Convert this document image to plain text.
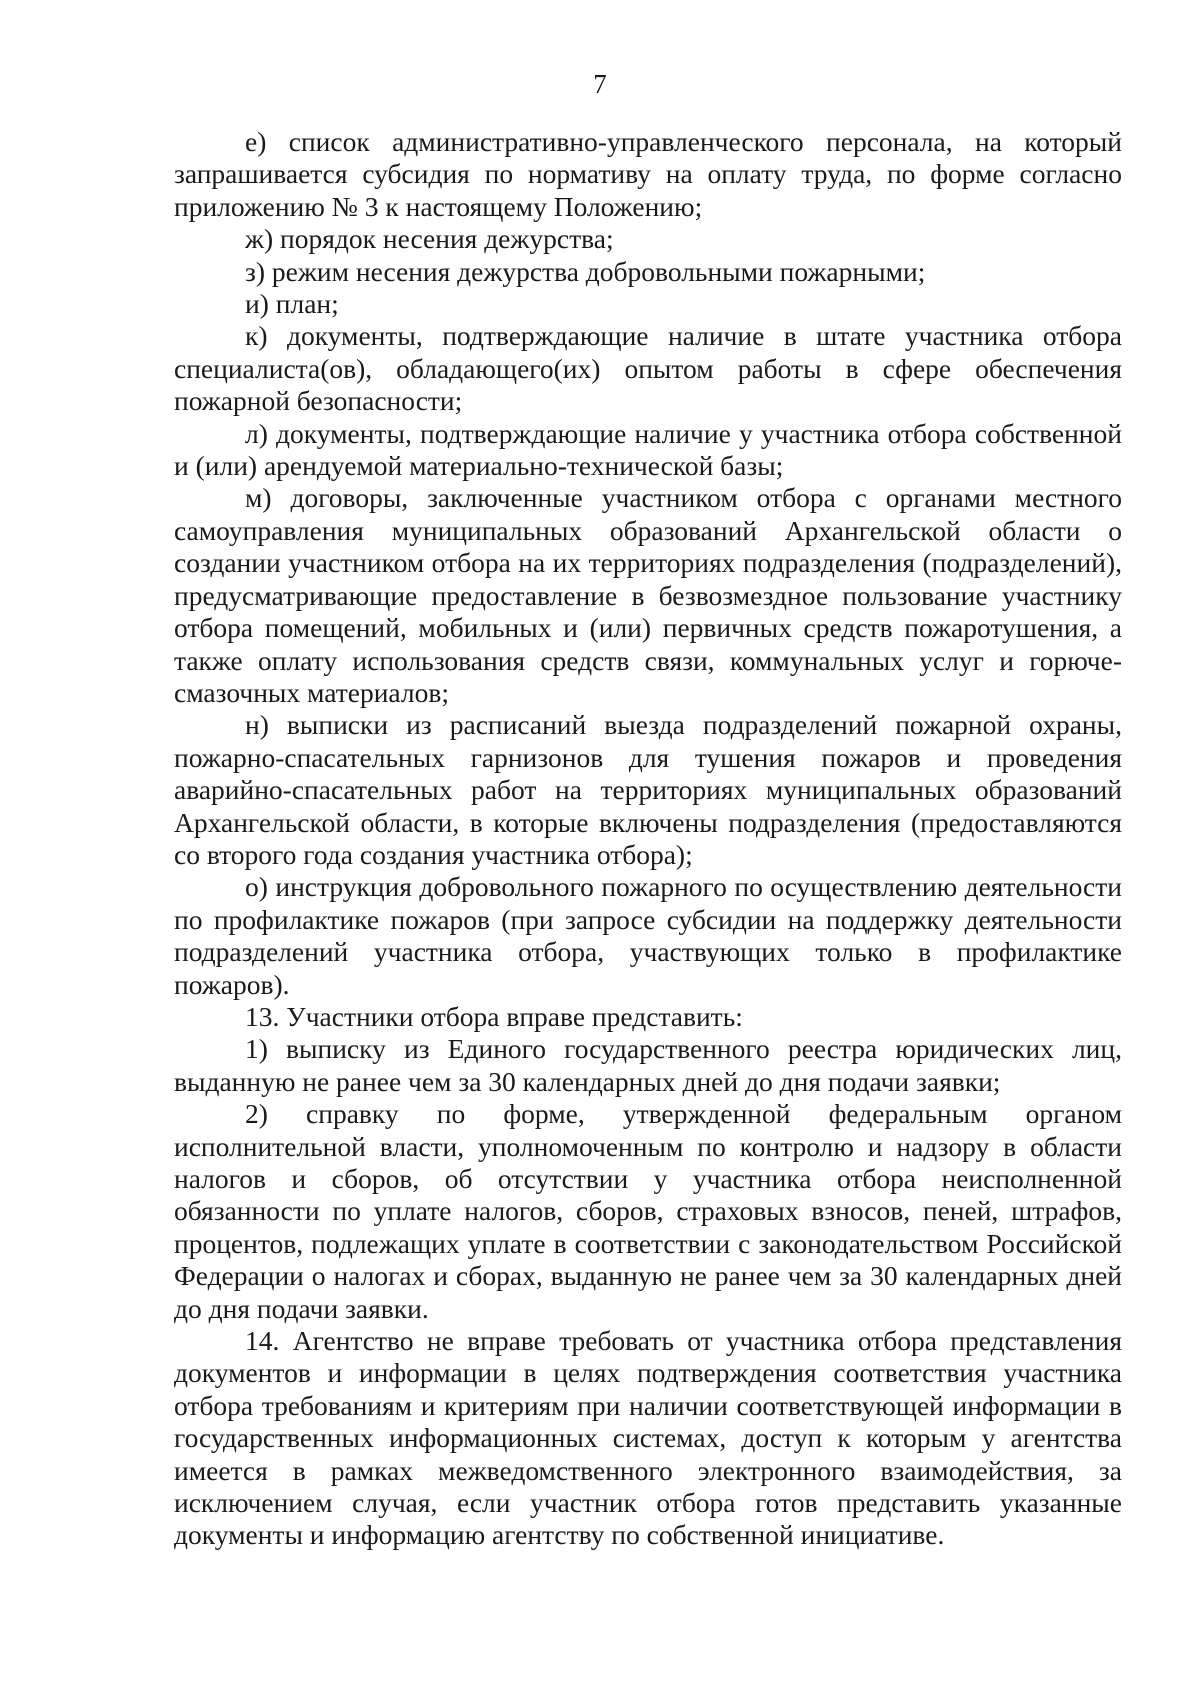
7

е) список административно-управленческого персонала, на который запрашивается субсидия по нормативу на оплату труда, по форме согласно приложению № 3 к настоящему Положению;

ж) порядок несения дежурства;

з) режим несения дежурства добровольными пожарными;

и) план;

к) документы, подтверждающие наличие в штате участника отбора специалиста(ов), обладающего(их) опытом работы в сфере обеспечения пожарной безопасности;

л) документы, подтверждающие наличие у участника отбора собственной и (или) арендуемой материально-технической базы;

м) договоры, заключенные участником отбора с органами местного самоуправления муниципальных образований Архангельской области о создании участником отбора на их территориях подразделения (подразделений), предусматривающие предоставление в безвозмездное пользование участнику отбора помещений, мобильных и (или) первичных средств пожаротушения, а также оплату использования средств связи, коммунальных услуг и горюче-смазочных материалов;

н) выписки из расписаний выезда подразделений пожарной охраны, пожарно-спасательных гарнизонов для тушения пожаров и проведения аварийно-спасательных работ на территориях муниципальных образований Архангельской области, в которые включены подразделения (предоставляются со второго года создания участника отбора);

о) инструкция добровольного пожарного по осуществлению деятельности по профилактике пожаров (при запросе субсидии на поддержку деятельности подразделений участника отбора, участвующих только в профилактике пожаров).

13. Участники отбора вправе представить:

1) выписку из Единого государственного реестра юридических лиц, выданную не ранее чем за 30 календарных дней до дня подачи заявки;

2) справку по форме, утвержденной федеральным органом исполнительной власти, уполномоченным по контролю и надзору в области налогов и сборов, об отсутствии у участника отбора неисполненной обязанности по уплате налогов, сборов, страховых взносов, пеней, штрафов, процентов, подлежащих уплате в соответствии с законодательством Российской Федерации о налогах и сборах, выданную не ранее чем за 30 календарных дней до дня подачи заявки.

14. Агентство не вправе требовать от участника отбора представления документов и информации в целях подтверждения соответствия участника отбора требованиям и критериям при наличии соответствующей информации в государственных информационных системах, доступ к которым у агентства имеется в рамках межведомственного электронного взаимодействия, за исключением случая, если участник отбора готов представить указанные документы и информацию агентству по собственной инициативе.
